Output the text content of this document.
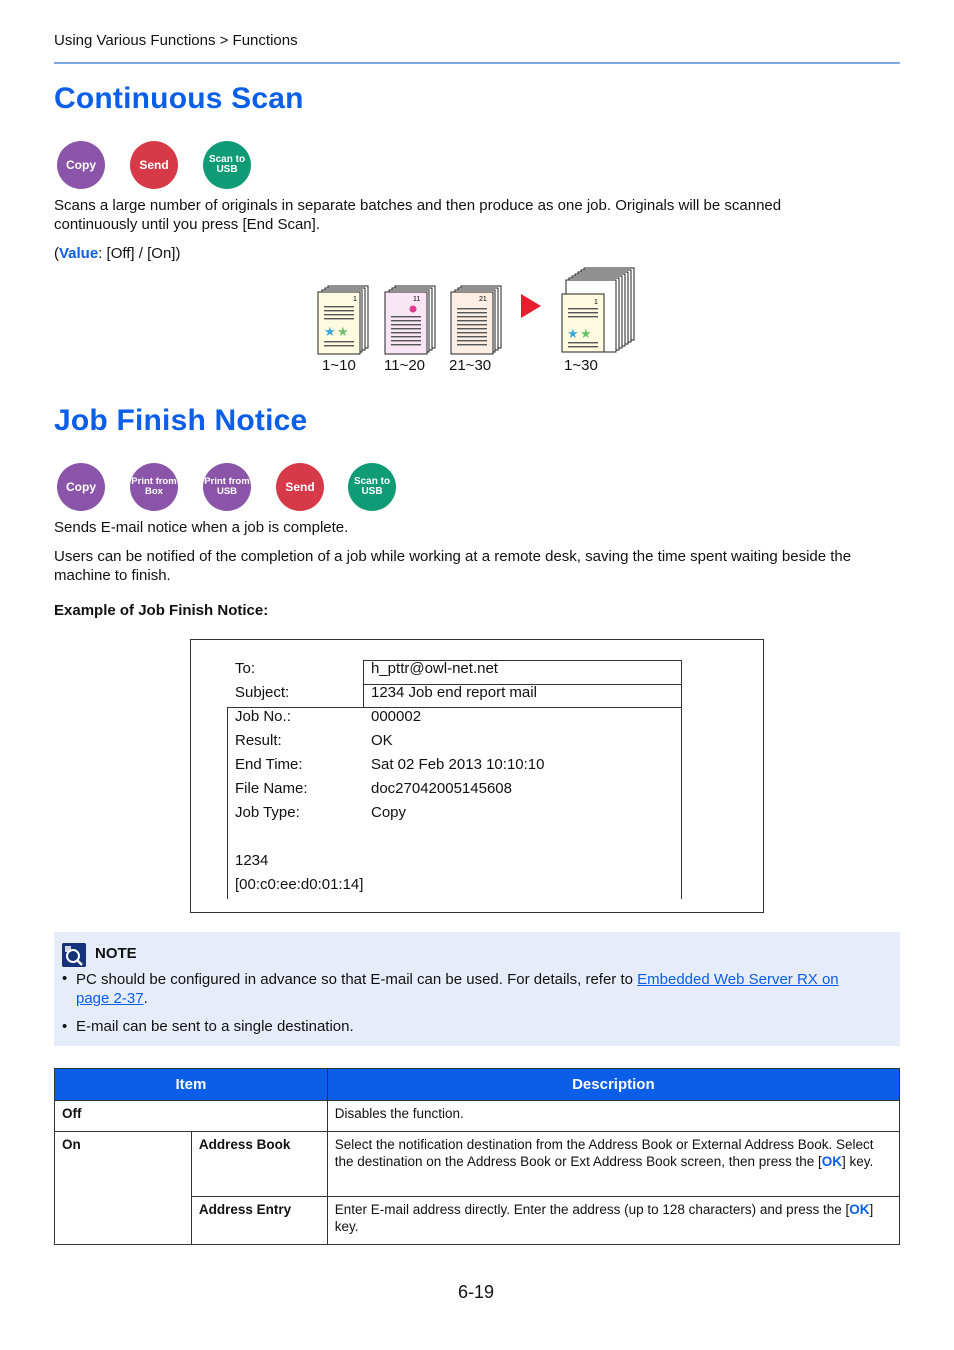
Using Various Functions > Functions
Continuous Scan
Copy	Send	Scan to USB
Scans a large number of originals in separate batches and then produce as one job. Originals will be scanned
continuously until you press [End Scan].
(Value: [Off] / [On])
1
★ ★
11	21	1
★ ★
1~10 11~20 21~30	1~30
Job Finish Notice
Copy	Print from Box
Print from USB	Send	Scan to USB
Sends E-mail notice when a job is complete.
Users can be notified of the completion of a job while working at a remote desk, saving the time spent waiting beside the
machine to finish.
Example of Job Finish Notice:
To:	h_pttr@owl-net.net
Subject:	1234 Job end report mail
Job No.:	000002
Result:	OK
End Time:	Sat 02 Feb 2013 10:10:10
File Name:	doc27042005145608
Job Type:	Copy
1234
[00:c0:ee:d0:01:14]
NOTE
• PC should be configured in advance so that E-mail can be used. For details, refer to Embedded Web Server RX on
page 2-37.
• E-mail can be sent to a single destination.
Item		Description
Off		Disables the function.
On	Address Book	Select the notification destination from the Address Book or External Address Book. Select the destination on the Address Book or Ext Address Book screen, then press the [OK] key.
	Address Entry	Enter E-mail address directly. Enter the address (up to 128 characters) and press the [OK] key.
6-19
